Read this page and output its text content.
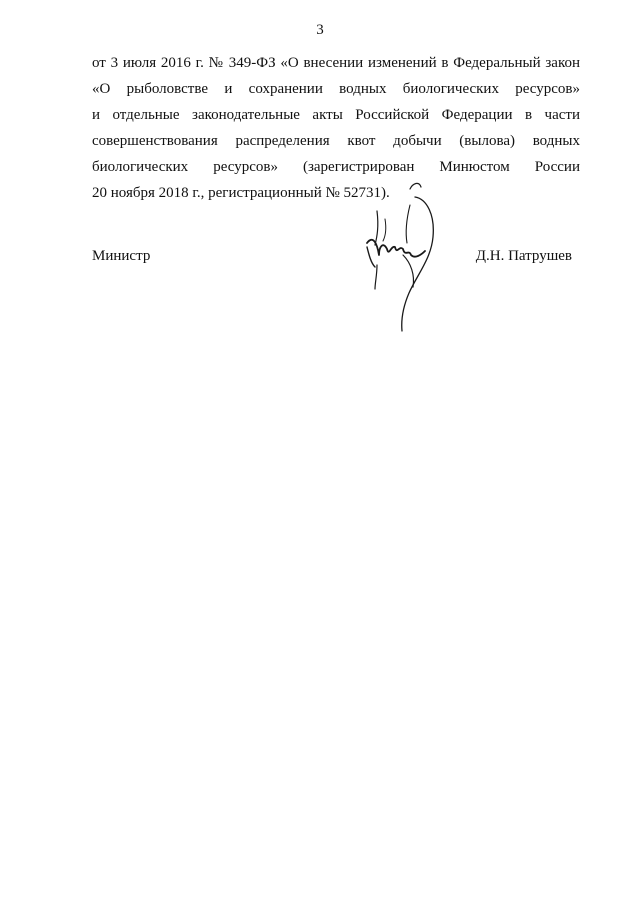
3
от 3 июля 2016 г. № 349-ФЗ «О внесении изменений в Федеральный закон
«О рыболовстве и сохранении водных биологических ресурсов»
и отдельные законодательные акты Российской Федерации в части
совершенствования распределения квот добычи (вылова) водных
биологических ресурсов» (зарегистрирован Минюстом России
20 ноября 2018 г., регистрационный № 52731).
Министр	Д.Н. Патрушев
